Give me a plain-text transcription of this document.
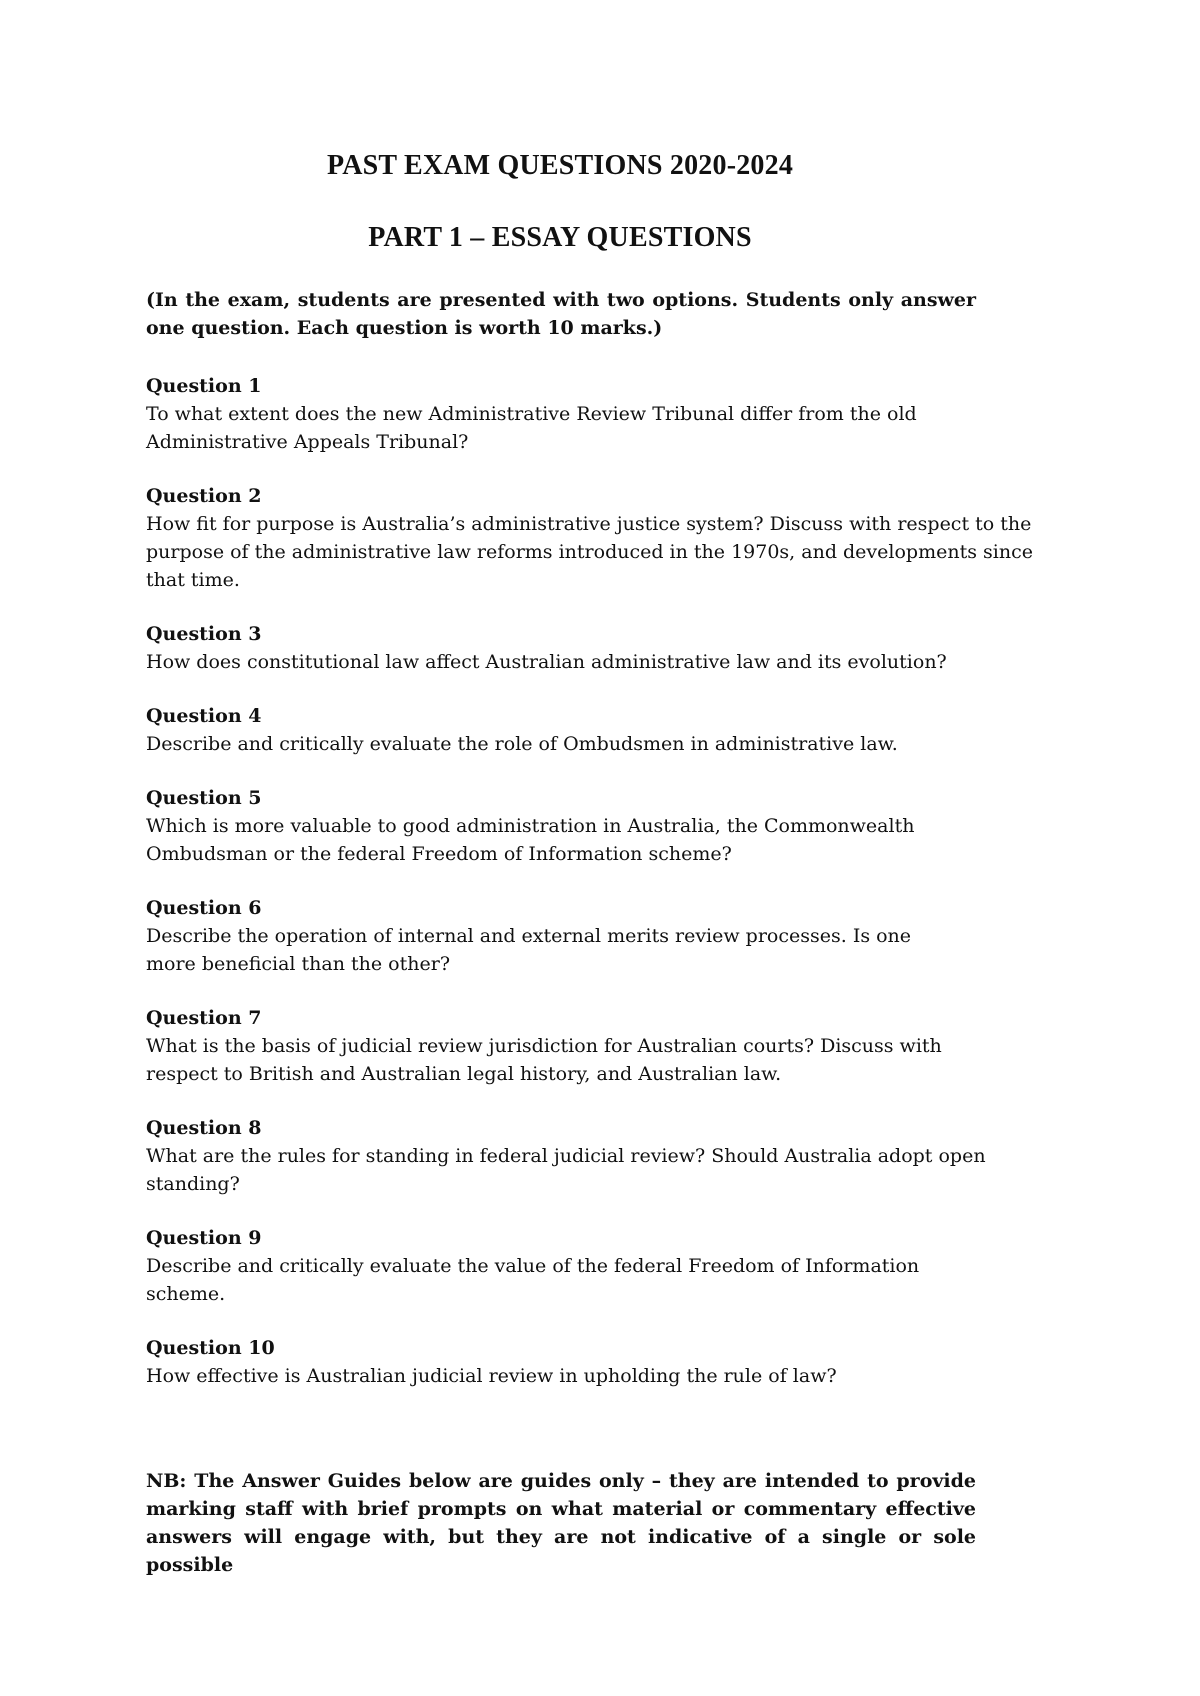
PAST EXAM QUESTIONS 2020-2024
PART 1 – ESSAY QUESTIONS
(In the exam, students are presented with two options. Students only answer one question. Each question is worth 10 marks.)
Question 1
To what extent does the new Administrative Review Tribunal differ from the old Administrative Appeals Tribunal?
Question 2
How fit for purpose is Australia’s administrative justice system? Discuss with respect to the purpose of the administrative law reforms introduced in the 1970s, and developments since that time.
Question 3
How does constitutional law affect Australian administrative law and its evolution?
Question 4
Describe and critically evaluate the role of Ombudsmen in administrative law.
Question 5
Which is more valuable to good administration in Australia, the Commonwealth Ombudsman or the federal Freedom of Information scheme?
Question 6
Describe the operation of internal and external merits review processes. Is one more beneficial than the other?
Question 7
What is the basis of judicial review jurisdiction for Australian courts? Discuss with respect to British and Australian legal history, and Australian law.
Question 8
What are the rules for standing in federal judicial review? Should Australia adopt open standing?
Question 9
Describe and critically evaluate the value of the federal Freedom of Information scheme.
Question 10
How effective is Australian judicial review in upholding the rule of law?
NB: The Answer Guides below are guides only – they are intended to provide marking staff with brief prompts on what material or commentary effective answers will engage with, but they are not indicative of a single or sole possible
